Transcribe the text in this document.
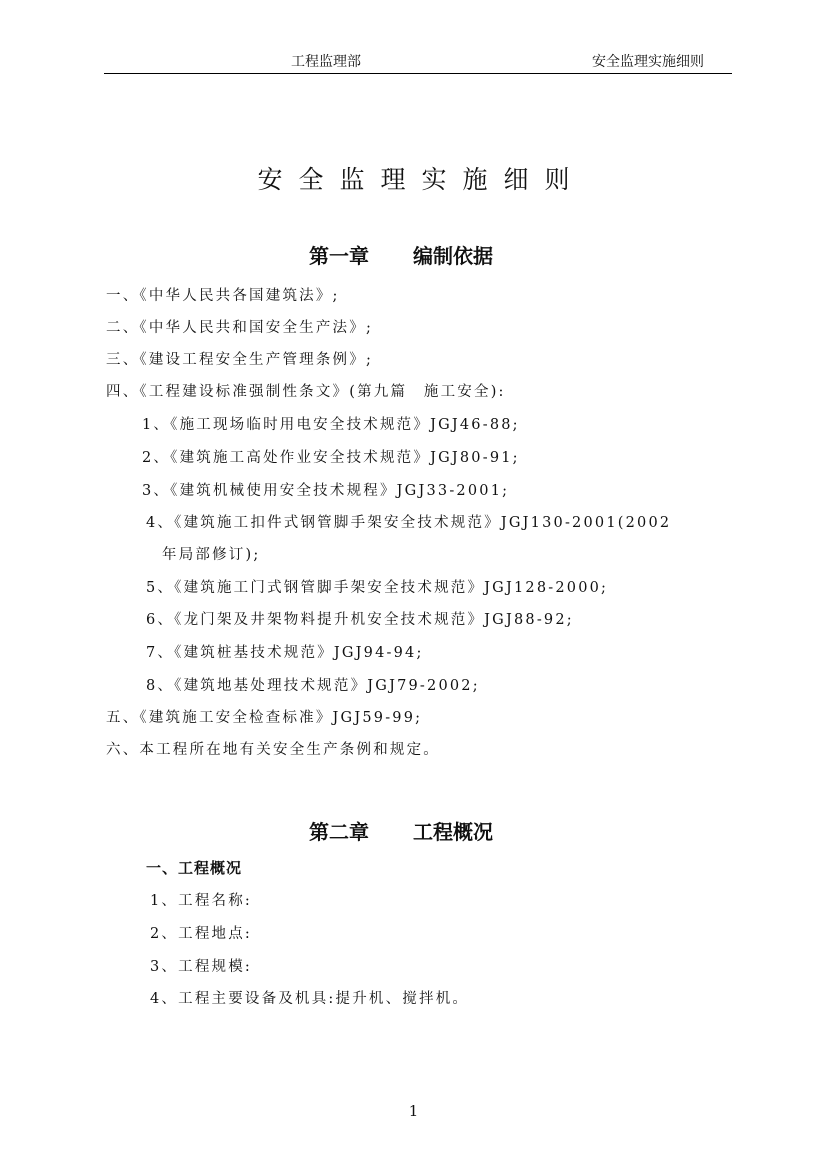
工程监理部	安全监理实施细则
安全监理实施细则
第一章 编制依据
一、《中华人民共各国建筑法》;
二、《中华人民共和国安全生产法》;
三、《建设工程安全生产管理条例》;
四、《工程建设标准强制性条文》(第九篇　施工安全):
1、《施工现场临时用电安全技术规范》JGJ46-88;
2、《建筑施工高处作业安全技术规范》JGJ80-91;
3、《建筑机械使用安全技术规程》JGJ33-2001;
4、《建筑施工扣件式钢管脚手架安全技术规范》JGJ130-2001(2002
年局部修订);
5、《建筑施工门式钢管脚手架安全技术规范》JGJ128-2000;
6、《龙门架及井架物料提升机安全技术规范》JGJ88-92;
7、《建筑桩基技术规范》JGJ94-94;
8、《建筑地基处理技术规范》JGJ79-2002;
五、《建筑施工安全检查标准》JGJ59-99;
六、本工程所在地有关安全生产条例和规定。
第二章 工程概况
一、工程概况
1、工程名称:
2、工程地点:
3、工程规模:
4、工程主要设备及机具:提升机、搅拌机。
1
